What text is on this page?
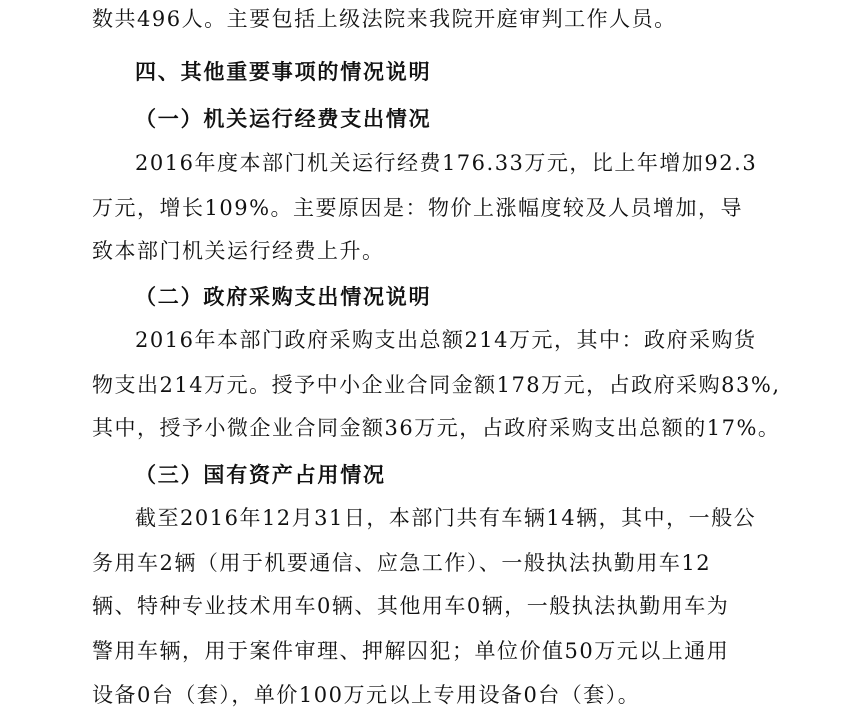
数共496人。主要包括上级法院来我院开庭审判工作人员。
四、其他重要事项的情况说明
（一）机关运行经费支出情况
2016年度本部门机关运行经费176.33万元，比上年增加92.3
万元，增长109%。主要原因是：物价上涨幅度较及人员增加，导
致本部门机关运行经费上升。
（二）政府采购支出情况说明
2016年本部门政府采购支出总额214万元，其中：政府采购货
物支出214万元。授予中小企业合同金额178万元，占政府采购83%,
其中，授予小微企业合同金额36万元，占政府采购支出总额的17%。
（三）国有资产占用情况
截至2016年12月31日，本部门共有车辆14辆，其中，一般公
务用车2辆（用于机要通信、应急工作）、一般执法执勤用车12
辆、特种专业技术用车0辆、其他用车0辆，一般执法执勤用车为
警用车辆，用于案件审理、押解囚犯；单位价值50万元以上通用
设备0台（套），单价100万元以上专用设备0台（套）。
